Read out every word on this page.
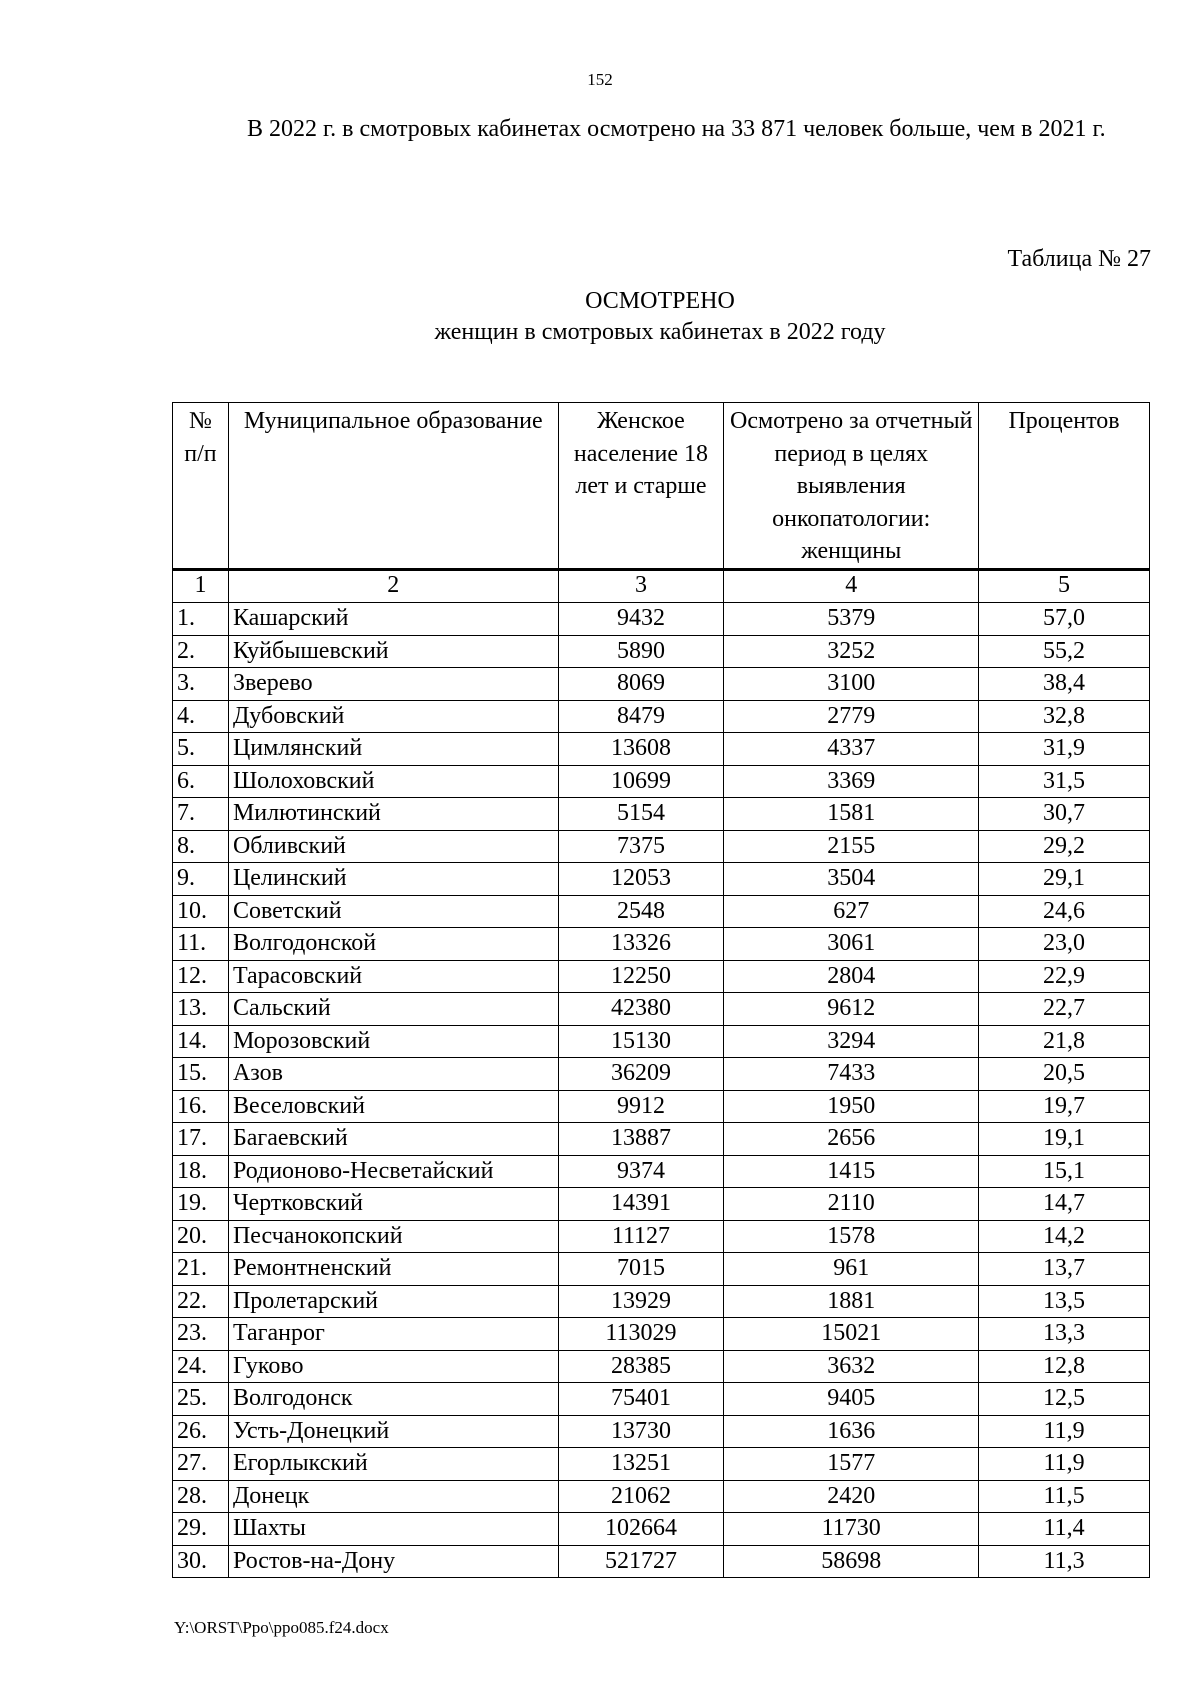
152
В 2022 г. в смотровых кабинетах осмотрено на 33 871 человек больше, чем в 2021 г.
Таблица № 27
ОСМОТРЕНО
женщин в смотровых кабинетах в 2022 году
№ п/п	Муниципальное образование	Женское население 18 лет и старше	Осмотрено за отчетный период в целях выявления онкопатологии: женщины	Процентов
1	2	3	4	5
1.	Кашарский	9432	5379	57,0
2.	Куйбышевский	5890	3252	55,2
3.	Зверево	8069	3100	38,4
4.	Дубовский	8479	2779	32,8
5.	Цимлянский	13608	4337	31,9
6.	Шолоховский	10699	3369	31,5
7.	Милютинский	5154	1581	30,7
8.	Обливский	7375	2155	29,2
9.	Целинский	12053	3504	29,1
10.	Советский	2548	627	24,6
11.	Волгодонской	13326	3061	23,0
12.	Тарасовский	12250	2804	22,9
13.	Сальский	42380	9612	22,7
14.	Морозовский	15130	3294	21,8
15.	Азов	36209	7433	20,5
16.	Веселовский	9912	1950	19,7
17.	Багаевский	13887	2656	19,1
18.	Родионово-Несветайский	9374	1415	15,1
19.	Чертковский	14391	2110	14,7
20.	Песчанокопский	11127	1578	14,2
21.	Ремонтненский	7015	961	13,7
22.	Пролетарский	13929	1881	13,5
23.	Таганрог	113029	15021	13,3
24.	Гуково	28385	3632	12,8
25.	Волгодонск	75401	9405	12,5
26.	Усть-Донецкий	13730	1636	11,9
27.	Егорлыкский	13251	1577	11,9
28.	Донецк	21062	2420	11,5
29.	Шахты	102664	11730	11,4
30.	Ростов-на-Дону	521727	58698	11,3
Y:\ORST\Ppo\ppo085.f24.docx
